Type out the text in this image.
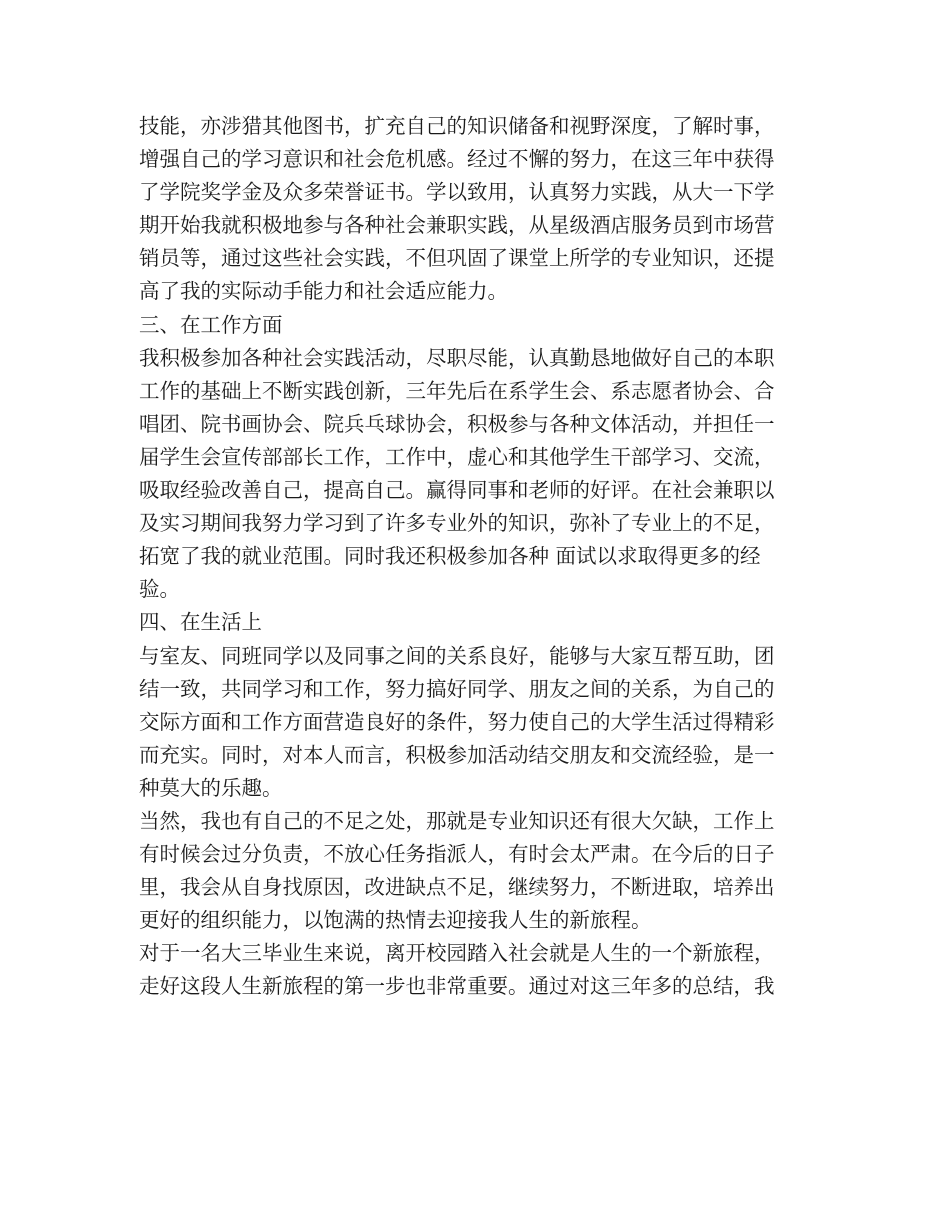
技能，亦涉猎其他图书，扩充自己的知识储备和视野深度，了解时事，
增强自己的学习意识和社会危机感。经过不懈的努力，在这三年中获得
了学院奖学金及众多荣誉证书。学以致用，认真努力实践，从大一下学
期开始我就积极地参与各种社会兼职实践，从星级酒店服务员到市场营
销员等，通过这些社会实践，不但巩固了课堂上所学的专业知识，还提
高了我的实际动手能力和社会适应能力。
三、在工作方面
我积极参加各种社会实践活动，尽职尽能，认真勤恳地做好自己的本职
工作的基础上不断实践创新，三年先后在系学生会、系志愿者协会、合
唱团、院书画协会、院兵乓球协会，积极参与各种文体活动，并担任一
届学生会宣传部部长工作，工作中，虚心和其他学生干部学习、交流，
吸取经验改善自己，提高自己。赢得同事和老师的好评。在社会兼职以
及实习期间我努力学习到了许多专业外的知识，弥补了专业上的不足，
拓宽了我的就业范围。同时我还积极参加各种 面试以求取得更多的经
验。
四、在生活上
与室友、同班同学以及同事之间的关系良好，能够与大家互帮互助，团
结一致，共同学习和工作，努力搞好同学、朋友之间的关系，为自己的
交际方面和工作方面营造良好的条件，努力使自己的大学生活过得精彩
而充实。同时，对本人而言，积极参加活动结交朋友和交流经验，是一
种莫大的乐趣。
当然，我也有自己的不足之处，那就是专业知识还有很大欠缺，工作上
有时候会过分负责，不放心任务指派人，有时会太严肃。在今后的日子
里，我会从自身找原因，改进缺点不足，继续努力，不断进取，培养出
更好的组织能力，以饱满的热情去迎接我人生的新旅程。
对于一名大三毕业生来说，离开校园踏入社会就是人生的一个新旅程，
走好这段人生新旅程的第一步也非常重要。通过对这三年多的总结，我
